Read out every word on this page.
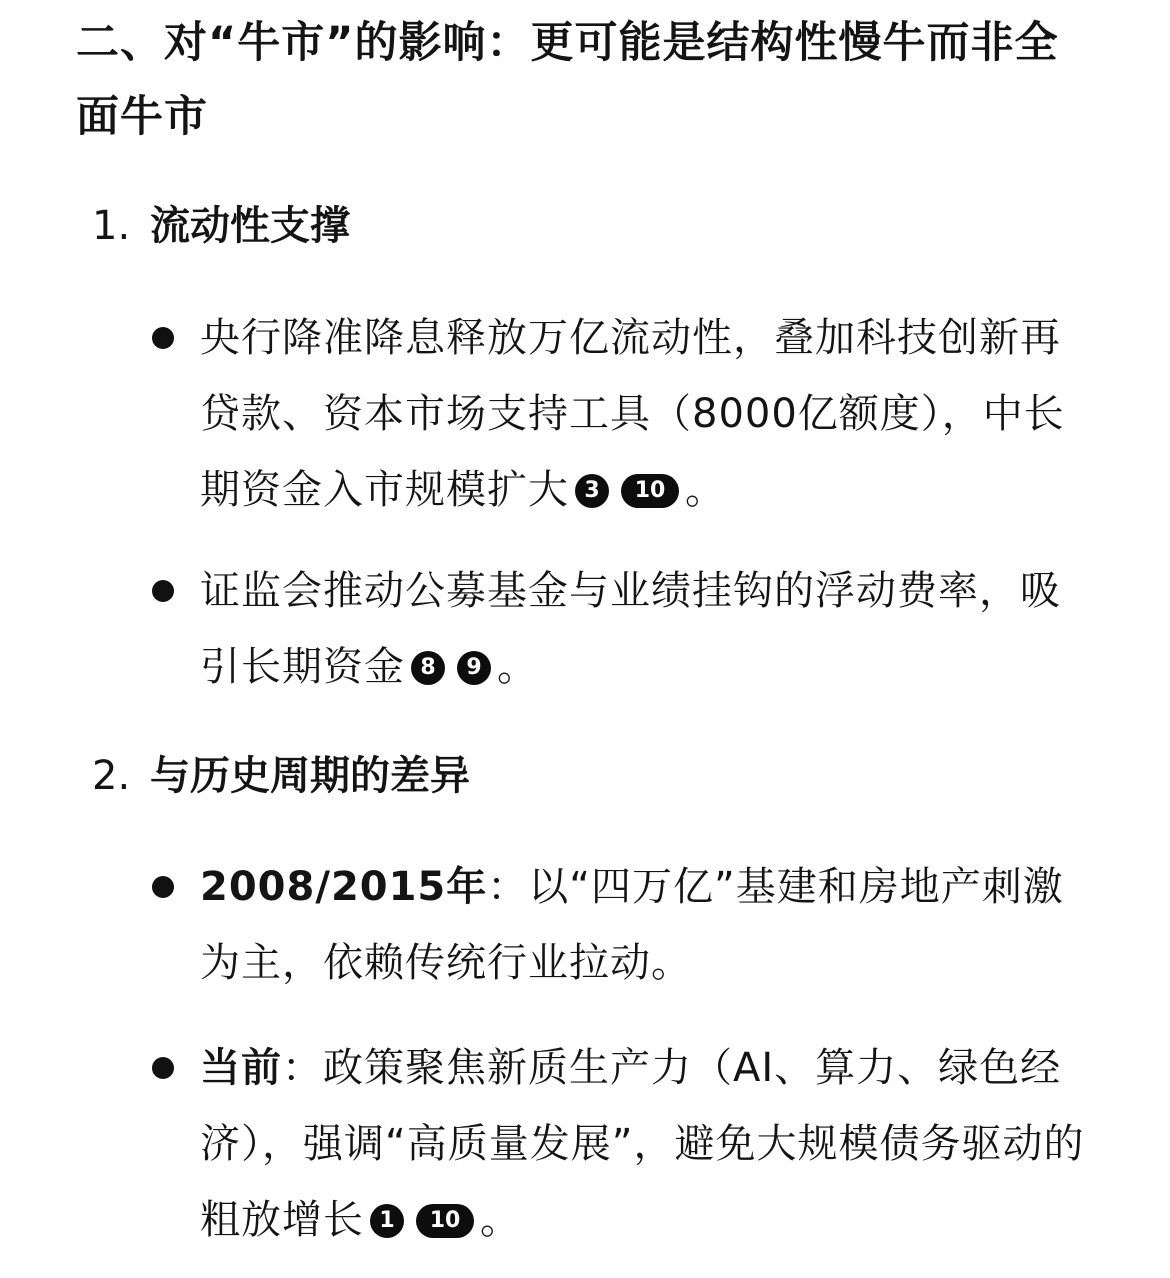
二、对“牛市”的影响：更可能是结构性慢牛而非全面牛市
1. 流动性支撑
央行降准降息释放万亿流动性，叠加科技创新再贷款、资本市场支持工具（8000亿额度），中长期资金入市规模扩大 3 10 。
证监会推动公募基金与业绩挂钩的浮动费率，吸引长期资金 8 9 。
2. 与历史周期的差异
2008/2015年：以“四万亿”基建和房地产刺激为主，依赖传统行业拉动。
当前：政策聚焦新质生产力（AI、算力、绿色经济），强调“高质量发展”，避免大规模债务驱动的粗放增长 1 10 。
